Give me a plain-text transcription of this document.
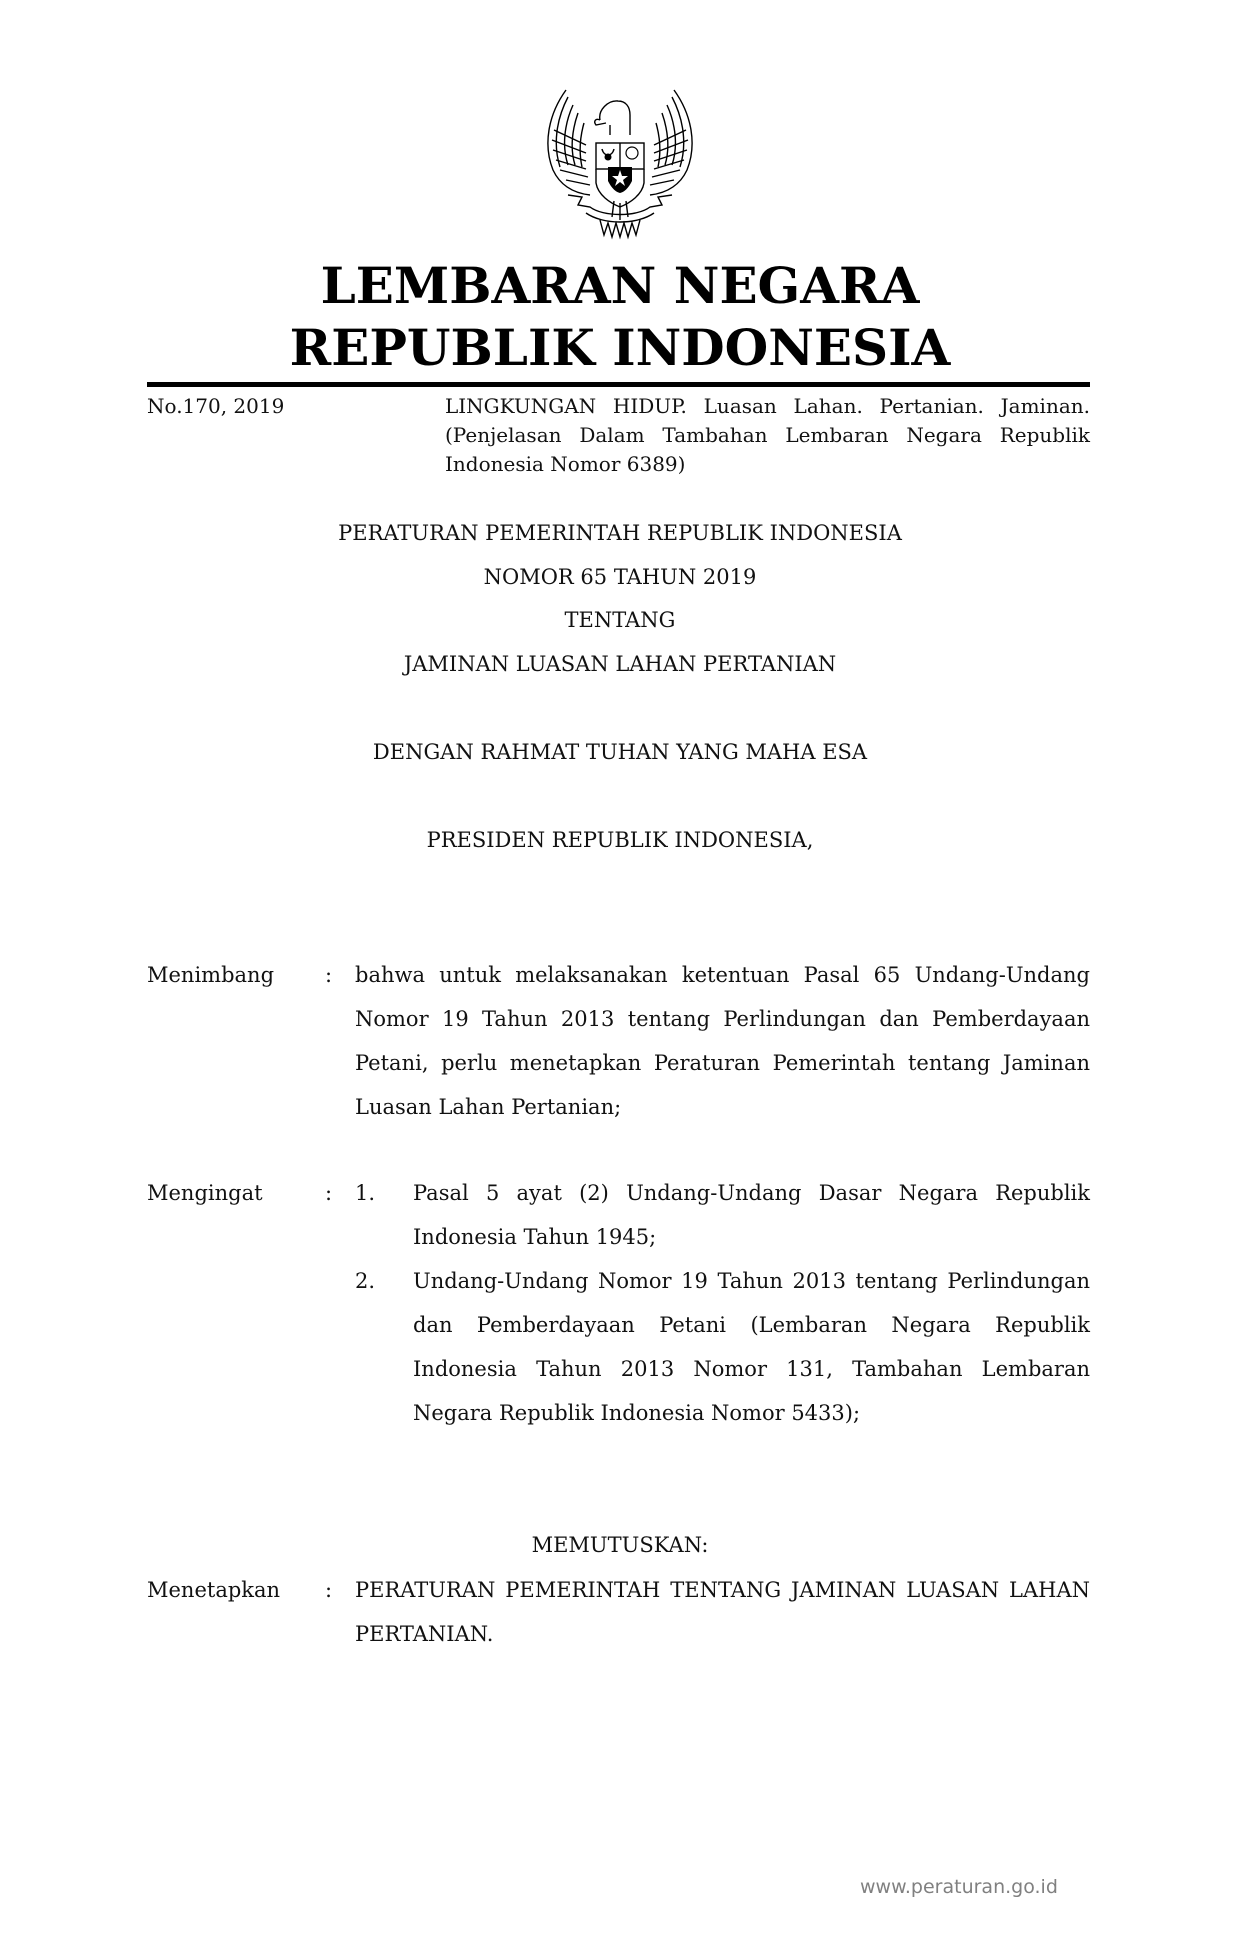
LEMBARAN NEGARA
REPUBLIK INDONESIA
No.170, 2019	LINGKUNGAN HIDUP. Luasan Lahan. Pertanian. Jaminan. (Penjelasan Dalam Tambahan Lembaran Negara Republik Indonesia Nomor 6389)
PERATURAN PEMERINTAH REPUBLIK INDONESIA
NOMOR 65 TAHUN 2019
TENTANG
JAMINAN LUASAN LAHAN PERTANIAN
DENGAN RAHMAT TUHAN YANG MAHA ESA
PRESIDEN REPUBLIK INDONESIA,
Menimbang : bahwa untuk melaksanakan ketentuan Pasal 65 Undang-Undang Nomor 19 Tahun 2013 tentang Perlindungan dan Pemberdayaan Petani, perlu menetapkan Peraturan Pemerintah tentang Jaminan Luasan Lahan Pertanian;
Mengingat	: 1. Pasal 5 ayat (2) Undang-Undang Dasar Negara Republik Indonesia Tahun 1945;
2. Undang-Undang Nomor 19 Tahun 2013 tentang Perlindungan dan Pemberdayaan Petani (Lembaran Negara Republik Indonesia Tahun 2013 Nomor 131, Tambahan Lembaran Negara Republik Indonesia Nomor 5433);
MEMUTUSKAN:
Menetapkan : PERATURAN PEMERINTAH TENTANG JAMINAN LUASAN LAHAN PERTANIAN.
www.peraturan.go.id
